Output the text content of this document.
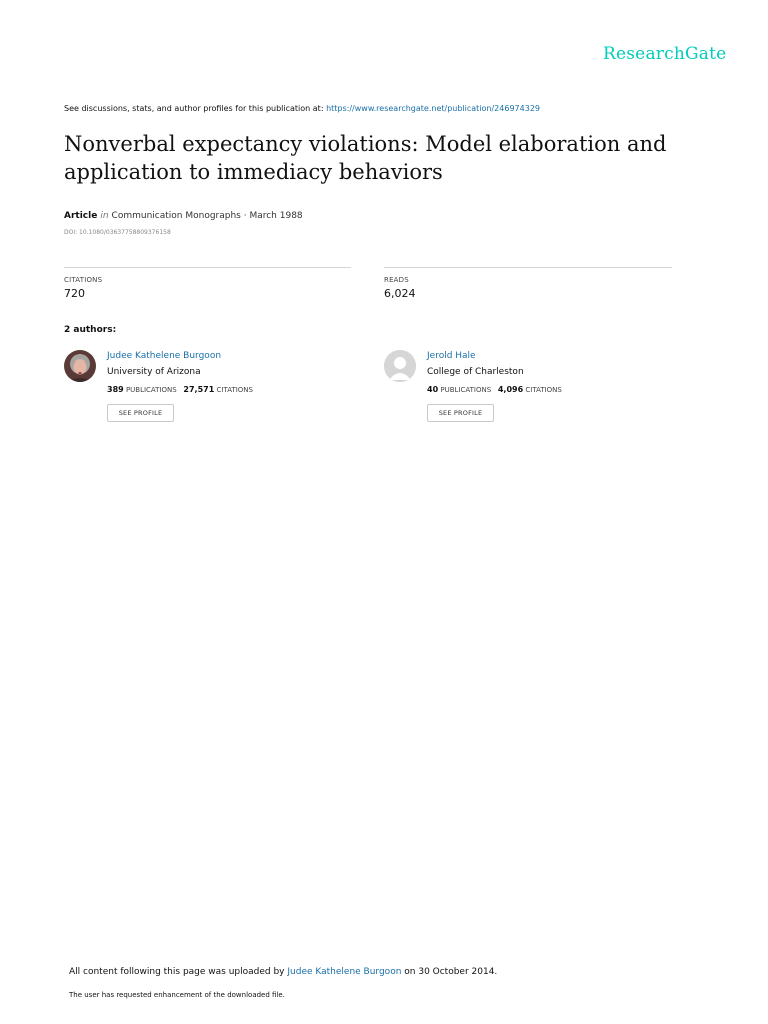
ResearchGate
See discussions, stats, and author profiles for this publication at: https://www.researchgate.net/publication/246974329
Nonverbal expectancy violations: Model elaboration and
application to immediacy behaviors
Article in Communication Monographs · March 1988
DOI: 10.1080/03637758809376158
CITATIONS
720
READS
6,024
2 authors:
Judee Kathelene Burgoon
University of Arizona
389 PUBLICATIONS 27,571 CITATIONS
SEE PROFILE
Jerold Hale
College of Charleston
40 PUBLICATIONS 4,096 CITATIONS
SEE PROFILE
All content following this page was uploaded by Judee Kathelene Burgoon on 30 October 2014.
The user has requested enhancement of the downloaded file.
